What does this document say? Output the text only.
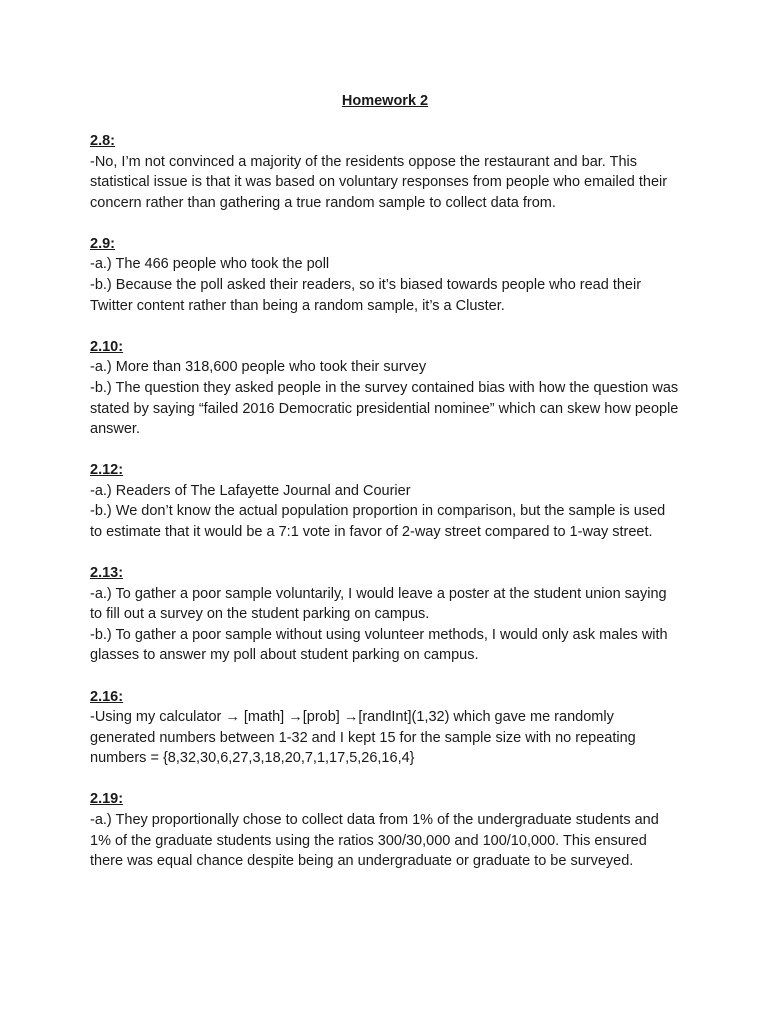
Homework 2
2.8:
-No, I’m not convinced a majority of the residents oppose the restaurant and bar. This statistical issue is that it was based on voluntary responses from people who emailed their concern rather than gathering a true random sample to collect data from.
2.9:
-a.) The 466 people who took the poll
-b.) Because the poll asked their readers, so it’s biased towards people who read their Twitter content rather than being a random sample, it’s a Cluster.
2.10:
-a.) More than 318,600 people who took their survey
-b.) The question they asked people in the survey contained bias with how the question was stated by saying “failed 2016 Democratic presidential nominee” which can skew how people answer.
2.12:
-a.) Readers of The Lafayette Journal and Courier
-b.) We don’t know the actual population proportion in comparison, but the sample is used to estimate that it would be a 7:1 vote in favor of 2-way street compared to 1-way street.
2.13:
-a.) To gather a poor sample voluntarily, I would leave a poster at the student union saying to fill out a survey on the student parking on campus.
-b.) To gather a poor sample without using volunteer methods, I would only ask males with glasses to answer my poll about student parking on campus.
2.16:
-Using my calculator → [math] →[prob] →[randInt](1,32) which gave me randomly generated numbers between 1-32 and I kept 15 for the sample size with no repeating numbers = {8,32,30,6,27,3,18,20,7,1,17,5,26,16,4}
2.19:
-a.) They proportionally chose to collect data from 1% of the undergraduate students and 1% of the graduate students using the ratios 300/30,000 and 100/10,000. This ensured there was equal chance despite being an undergraduate or graduate to be surveyed.
